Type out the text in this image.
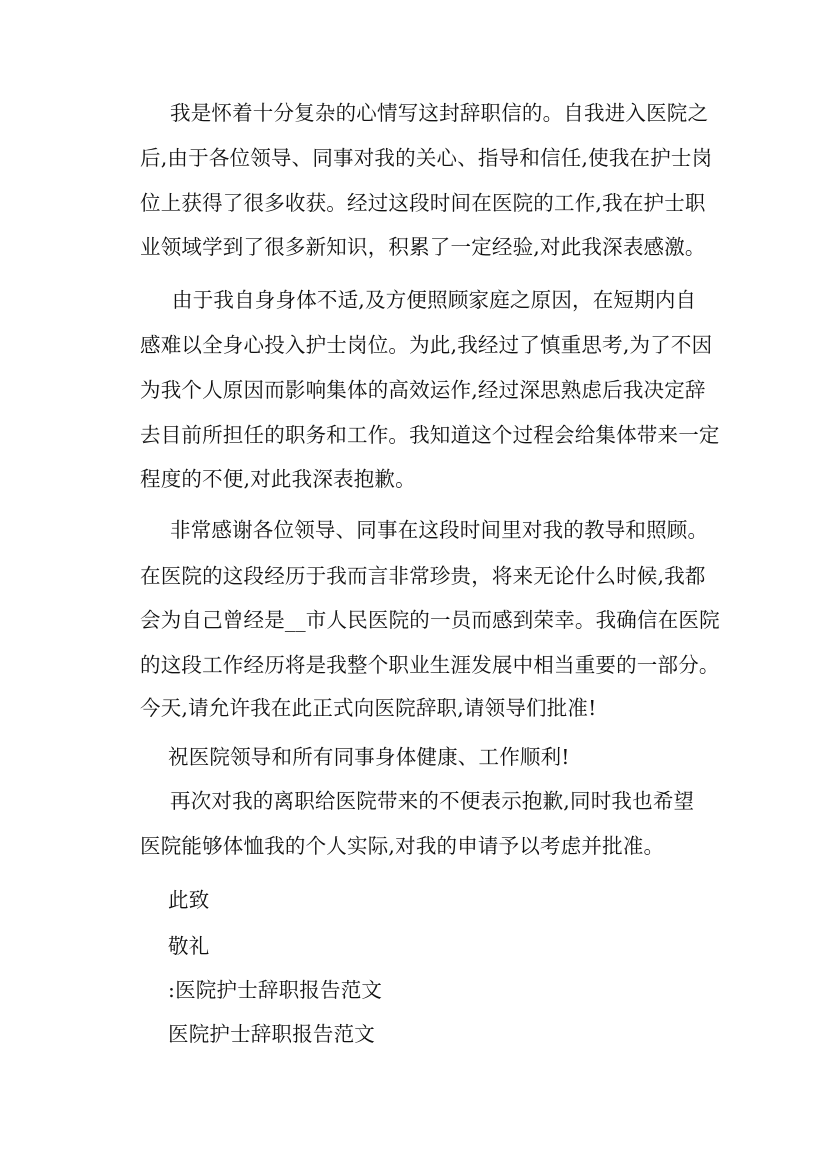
我是怀着十分复杂的心情写这封辞职信的。自我进入医院之
后,由于各位领导、同事对我的关心、指导和信任,使我在护士岗
位上获得了很多收获。经过这段时间在医院的工作,我在护士职
业领域学到了很多新知识，积累了一定经验,对此我深表感激。
由于我自身身体不适,及方便照顾家庭之原因，在短期内自
感难以全身心投入护士岗位。为此,我经过了慎重思考,为了不因
为我个人原因而影响集体的高效运作,经过深思熟虑后我决定辞
去目前所担任的职务和工作。我知道这个过程会给集体带来一定
程度的不便,对此我深表抱歉。
非常感谢各位领导、同事在这段时间里对我的教导和照顾。
在医院的这段经历于我而言非常珍贵，将来无论什么时候,我都
会为自己曾经是__市人民医院的一员而感到荣幸。我确信在医院
的这段工作经历将是我整个职业生涯发展中相当重要的一部分。
今天,请允许我在此正式向医院辞职,请领导们批准!
祝医院领导和所有同事身体健康、工作顺利!
再次对我的离职给医院带来的不便表示抱歉,同时我也希望
医院能够体恤我的个人实际,对我的申请予以考虑并批准。
此致
敬礼
:医院护士辞职报告范文
医院护士辞职报告范文
